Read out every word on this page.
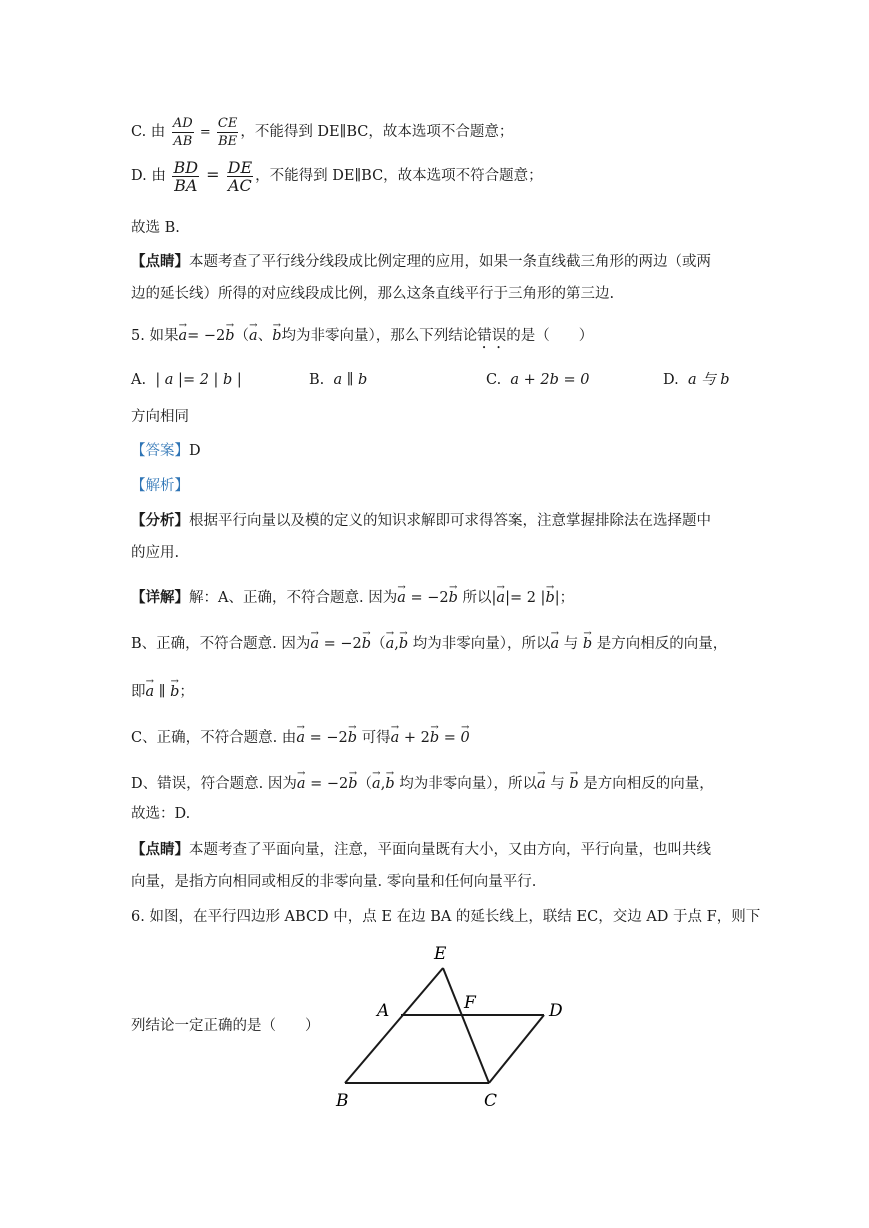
C. 由 $\frac{AD}{AB} = \frac{CE}{BE}$ ，不能得到 DE∥BC，故本选项不合题意；
D. 由 $\frac{BD}{BA} = \frac{DE}{AC}$ ，不能得到 DE∥BC，故本选项不符合题意；
故选 B.
【点睛】本题考查了平行线分线段成比例定理的应用，如果一条直线截三角形的两边（或两
边的延长线）所得的对应线段成比例，那么这条直线平行于三角形的第三边.
5. 如果→ a= −2→ b（→ a、→ b均为非零向量），那么下列结论错误的是（　　）
A. | a |= 2 | b |	B. a ∥ b	C. a + 2b = 0	D. a 与 b
方向相同
【答案】D
【解析】
【分析】根据平行向量以及模的定义的知识求解即可求得答案，注意掌握排除法在选择题中
的应用.
【详解】解：A、正确，不符合题意. 因为→ a = −2→ b 所以|→ a|= 2 |→ b|；
B、正确，不符合题意. 因为→ a = −2→ b（→ a,→ b 均为非零向量），所以→ a 与 → b 是方向相反的向量，
即→ a ∥ → b；
C、正确，不符合题意. 由→ a = −2→ b 可得→ a + 2→ b = → 0
D、错误，符合题意. 因为→ a = −2→ b（→ a,→ b 均为非零向量），所以→ a 与 → b 是方向相反的向量，
故选：D.
【点睛】本题考查了平面向量，注意，平面向量既有大小，又由方向，平行向量，也叫共线
向量，是指方向相同或相反的非零向量. 零向量和任何向量平行.
6. 如图，在平行四边形 ABCD 中，点 E 在边 BA 的延长线上，联结 EC，交边 AD 于点 F，则下
列结论一定正确的是（　　）
E
A	F	D
B	C
